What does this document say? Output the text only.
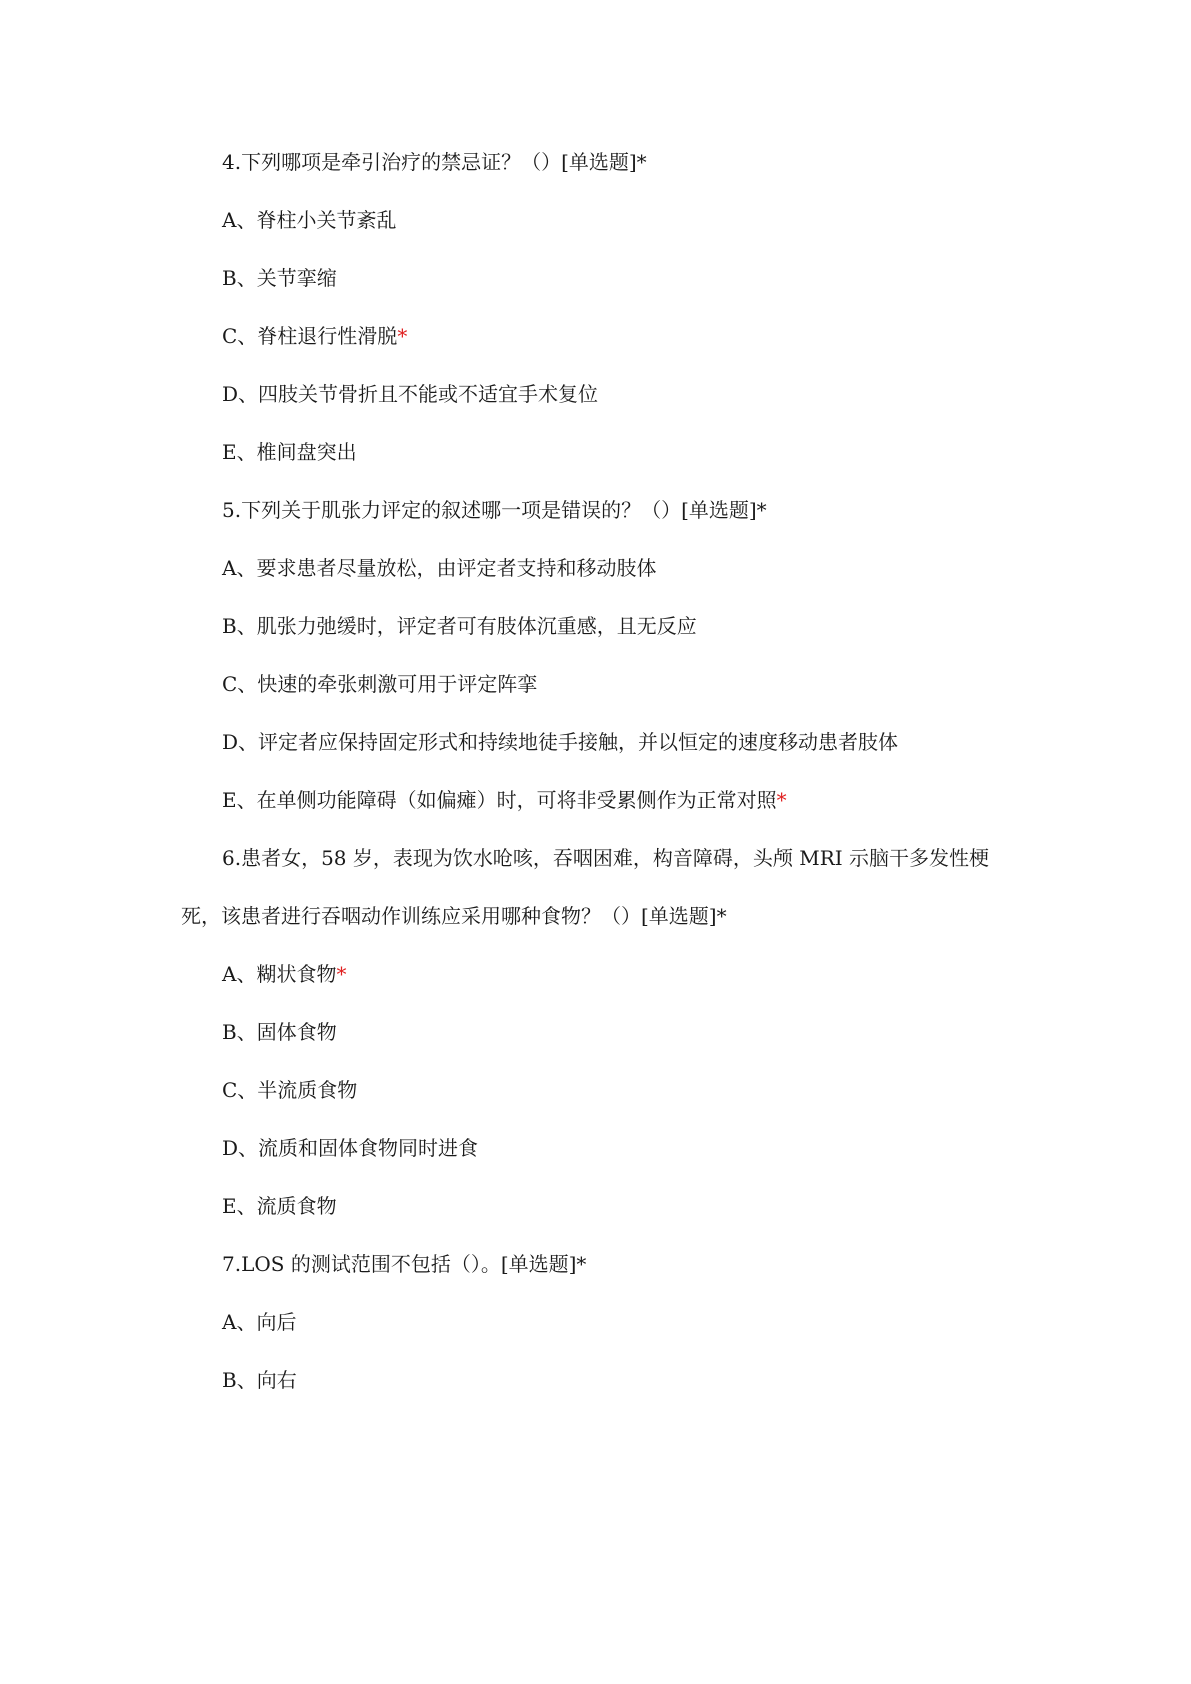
4.下列哪项是牵引治疗的禁忌证？（）[单选题]*
A、脊柱小关节紊乱
B、关节挛缩
C、脊柱退行性滑脱*
D、四肢关节骨折且不能或不适宜手术复位
E、椎间盘突出
5.下列关于肌张力评定的叙述哪一项是错误的？（）[单选题]*
A、要求患者尽量放松，由评定者支持和移动肢体
B、肌张力弛缓时，评定者可有肢体沉重感，且无反应
C、快速的牵张刺激可用于评定阵挛
D、评定者应保持固定形式和持续地徒手接触，并以恒定的速度移动患者肢体
E、在单侧功能障碍（如偏瘫）时，可将非受累侧作为正常对照*
6.患者女，58 岁，表现为饮水呛咳，吞咽困难，构音障碍，头颅 MRI 示脑干多发性梗
死，该患者进行吞咽动作训练应采用哪种食物？（）[单选题]*
A、糊状食物*
B、固体食物
C、半流质食物
D、流质和固体食物同时进食
E、流质食物
7.LOS 的测试范围不包括（）。[单选题]*
A、向后
B、向右
